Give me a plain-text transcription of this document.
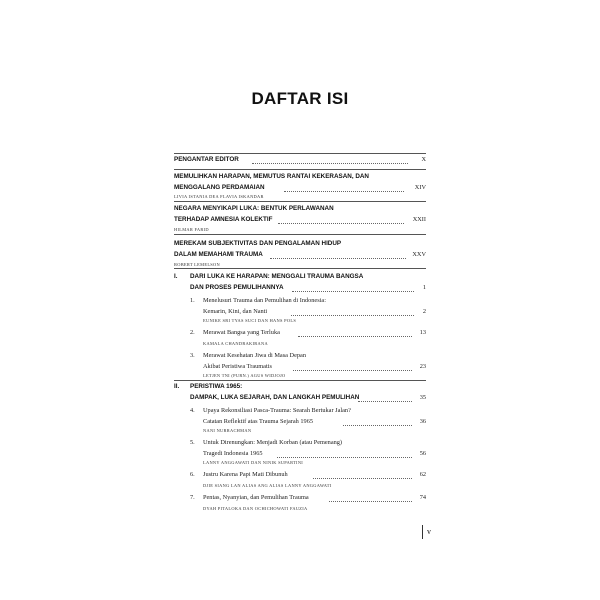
DAFTAR ISI
PENGANTAR EDITOR	X
MEMULIHKAN HARAPAN, MEMUTUS RANTAI KEKERASAN, DAN
MENGGALANG PERDAMAIAN	XIV
LIVIA ISTANIA DEA FLAVIA ISKANDAR
NEGARA MENYIKAPI LUKA: BENTUK PERLAWANAN
TERHADAP AMNESIA KOLEKTIF	XXII
HILMAR FARID
MEREKAM SUBJEKTIVITAS DAN PENGALAMAN HIDUP
DALAM MEMAHAMI TRAUMA	XXV
ROBERT LEMELSON
I. DARI LUKA KE HARAPAN: MENGGALI TRAUMA BANGSA
DAN PROSES PEMULIHANNYA	1
1. Menelusuri Trauma dan Pemulihan di Indonesia:
Kemarin, Kini, dan Nanti	2
EUNIKE SRI TYAS SUCI DAN HANS POLS
2. Merawat Bangsa yang Terluka	13
KAMALA CHANDRAKIRANA
3. Merawat Kesehatan Jiwa di Masa Depan
Akibat Peristiwa Traumatis	23
LETJEN TNI (PURN.) AGUS WIDJOJO
II. PERISTIWA 1965:
DAMPAK, LUKA SEJARAH, DAN LANGKAH PEMULIHAN	35
4. Upaya Rekonsiliasi Pasca-Trauma: Searah Bertukar Jalan?
Catatan Reflektif atas Trauma Sejarah 1965	36
NANI NURRACHMAN
5. Untuk Direnungkan: Menjadi Korban (atau Pemenang)
Tragedi Indonesia 1965	56
LANNY ANGGAWATI DAN NINIK SUPARTINI
6. Justru Karena Papi Mati Dibunuh	62
DJIE SIANG LAN ALIAS ANG ALIAS LANNY ANGGAWATI
7. Pentas, Nyanyian, dan Pemulihan Trauma	74
DYAH PITALOKA DAN OCHICHOWATI FAUZIA
v
